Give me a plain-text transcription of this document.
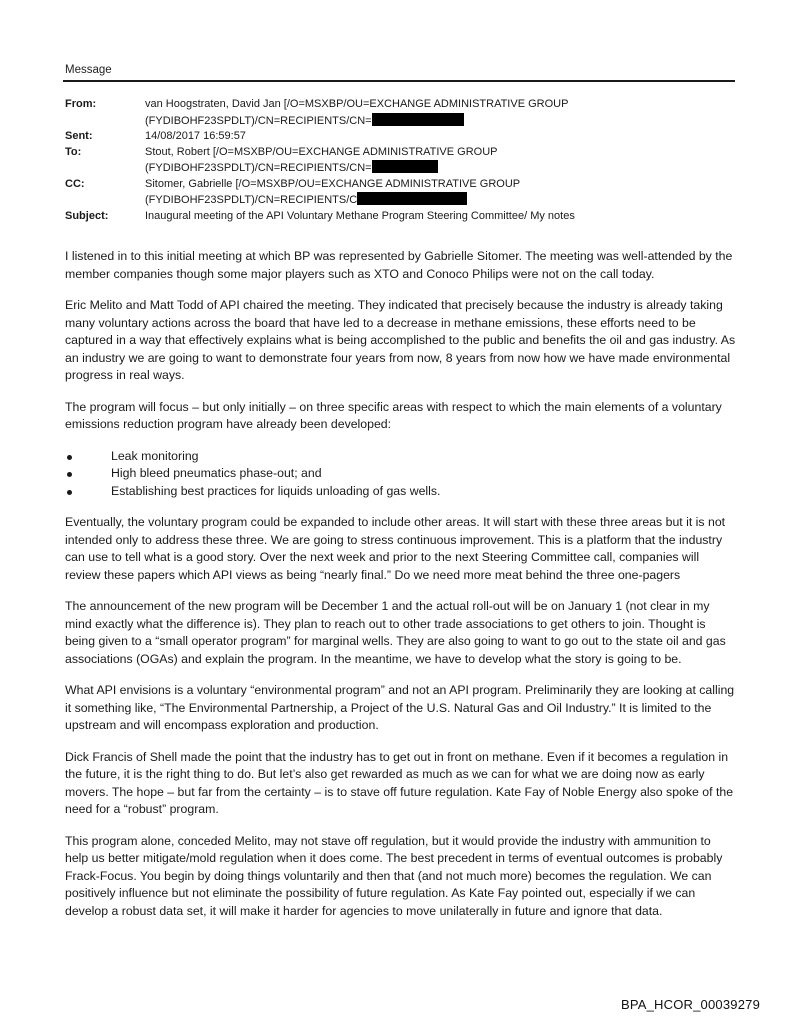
Message
From:	van Hoogstraten, David Jan [/O=MSXBP/OU=EXCHANGE ADMINISTRATIVE GROUP
(FYDIBOHF23SPDLT)/CN=RECIPIENTS/CN=
Sent:	14/08/2017 16:59:57
To:	Stout, Robert [/O=MSXBP/OU=EXCHANGE ADMINISTRATIVE GROUP
(FYDIBOHF23SPDLT)/CN=RECIPIENTS/CN=
CC:	Sitomer, Gabrielle [/O=MSXBP/OU=EXCHANGE ADMINISTRATIVE GROUP
(FYDIBOHF23SPDLT)/CN=RECIPIENTS/C
Subject:	Inaugural meeting of the API Voluntary Methane Program Steering Committee/ My notes

I listened in to this initial meeting at which BP was represented by Gabrielle Sitomer. The meeting was well-attended by the member companies though some major players such as XTO and Conoco Philips were not on the call today.

Eric Melito and Matt Todd of API chaired the meeting. They indicated that precisely because the industry is already taking many voluntary actions across the board that have led to a decrease in methane emissions, these efforts need to be captured in a way that effectively explains what is being accomplished to the public and benefits the oil and gas industry. As an industry we are going to want to demonstrate four years from now, 8 years from now how we have made environmental progress in real ways.

The program will focus – but only initially – on three specific areas with respect to which the main elements of a voluntary emissions reduction program have already been developed:

Leak monitoring
High bleed pneumatics phase-out; and
Establishing best practices for liquids unloading of gas wells.

Eventually, the voluntary program could be expanded to include other areas. It will start with these three areas but it is not intended only to address these three. We are going to stress continuous improvement. This is a platform that the industry can use to tell what is a good story. Over the next week and prior to the next Steering Committee call, companies will review these papers which API views as being “nearly final.” Do we need more meat behind the three one-pagers

The announcement of the new program will be December 1 and the actual roll-out will be on January 1 (not clear in my mind exactly what the difference is). They plan to reach out to other trade associations to get others to join. Thought is being given to a “small operator program” for marginal wells. They are also going to want to go out to the state oil and gas associations (OGAs) and explain the program. In the meantime, we have to develop what the story is going to be.

What API envisions is a voluntary “environmental program” and not an API program. Preliminarily they are looking at calling it something like, “The Environmental Partnership, a Project of the U.S. Natural Gas and Oil Industry.” It is limited to the upstream and will encompass exploration and production.

Dick Francis of Shell made the point that the industry has to get out in front on methane. Even if it becomes a regulation in the future, it is the right thing to do. But let’s also get rewarded as much as we can for what we are doing now as early movers. The hope – but far from the certainty – is to stave off future regulation. Kate Fay of Noble Energy also spoke of the need for a “robust” program.

This program alone, conceded Melito, may not stave off regulation, but it would provide the industry with ammunition to help us better mitigate/mold regulation when it does come. The best precedent in terms of eventual outcomes is probably Frack-Focus. You begin by doing things voluntarily and then that (and not much more) becomes the regulation. We can positively influence but not eliminate the possibility of future regulation. As Kate Fay pointed out, especially if we can develop a robust data set, it will make it harder for agencies to move unilaterally in future and ignore that data.

BPA_HCOR_00039279
